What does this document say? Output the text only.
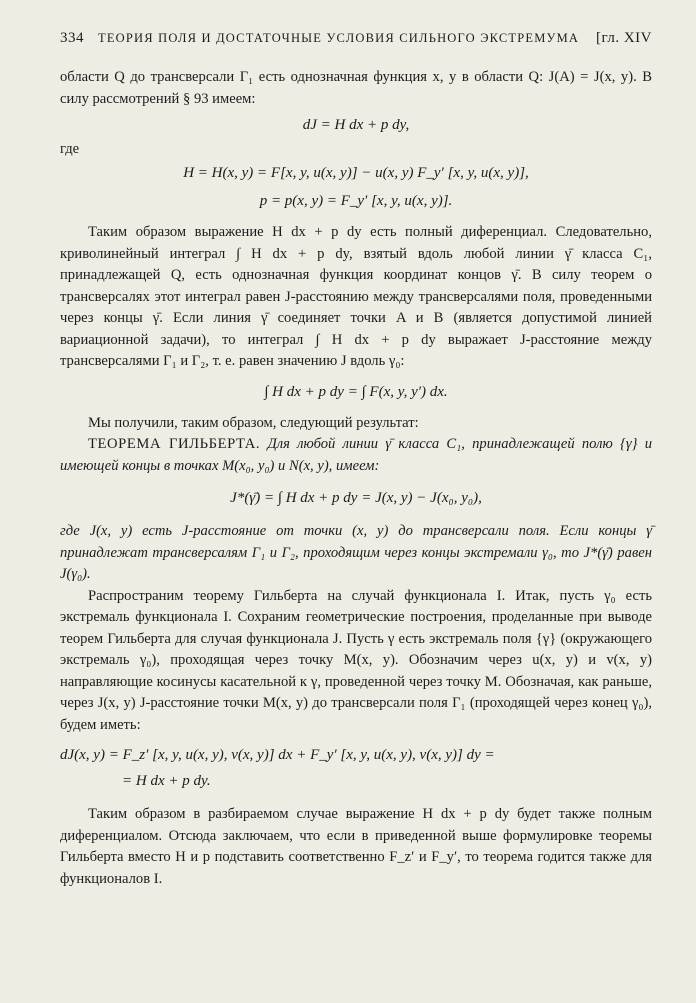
334 ТЕОРИЯ ПОЛЯ И ДОСТАТОЧНЫЕ УСЛОВИЯ СИЛЬНОГО ЭКСТРЕМУМА	[гл. XIV

области Q до трансверсали Γ₁ есть однозначная функция x, y в области Q: J(A) = J(x, y). В силу рассмотрений § 93 имеем:

dJ = H dx + p dy,
где
H = H(x, y) = F[x, y, u(x, y)] − u(x, y) F_y′ [x, y, u(x, y)],
p = p(x, y) = F_y′ [x, y, u(x, y)].

Таким образом выражение H dx + p dy есть полный диференциал. Следовательно, криволинейный интеграл ∫ H dx + p dy, взятый вдоль любой линии γ̄ класса C₁, принадлежащей Q, есть однозначная функция координат концов γ̄. В силу теорем о трансверсалях этот интеграл равен J-расстоянию между трансверсалями поля, проведенными через концы γ̄. Если линия γ̄ соединяет точки A и B (является допустимой линией вариационной задачи), то интеграл ∫ H dx + p dy выражает J-расстояние между трансверсалями Γ₁ и Γ₂, т. е. равен значению J вдоль γ₀:

∫ H dx + p dy = ∫ F(x, y, y′) dx.

Мы получили, таким образом, следующий результат:

ТЕОРЕМА ГИЛЬБЕРТА. Для любой линии γ̄ класса C₁, принадлежащей полю {γ} и имеющей концы в точках M(x₀, y₀) и N(x, y), имеем:

J*(γ̄) = ∫ H dx + p dy = J(x, y) − J(x₀, y₀),

где J(x, y) есть J-расстояние от точки (x, y) до трансверсали поля. Если концы γ̄ принадлежат трансверсалям Γ₁ и Γ₂, проходящим через концы экстремали γ₀, то J*(γ̄) равен J(γ₀).

Распространим теорему Гильберта на случай функционала I. Итак, пусть γ₀ есть экстремаль функционала I. Сохраним геометрические построения, проделанные при выводе теорем Гильберта для случая функционала J. Пусть γ есть экстремаль поля {γ} (окружающего экстремаль γ₀), проходящая через точку M(x, y). Обозначим через u(x, y) и v(x, y) направляющие косинусы касательной к γ, проведенной через точку M. Обозначая, как раньше, через J(x, y) J-расстояние точки M(x, y) до трансверсали поля Γ₁ (проходящей через конец γ₀), будем иметь:

dJ(x, y) = F_z′ [x, y, u(x, y), v(x, y)] dx + F_y′ [x, y, u(x, y), v(x, y)] dy =
= H dx + p dy.

Таким образом в разбираемом случае выражение H dx + p dy будет также полным диференциалом. Отсюда заключаем, что если в приведенной выше формулировке теоремы Гильберта вместо H и p подставить соответственно F_z′ и F_y′, то теорема годится также для функционалов I.
